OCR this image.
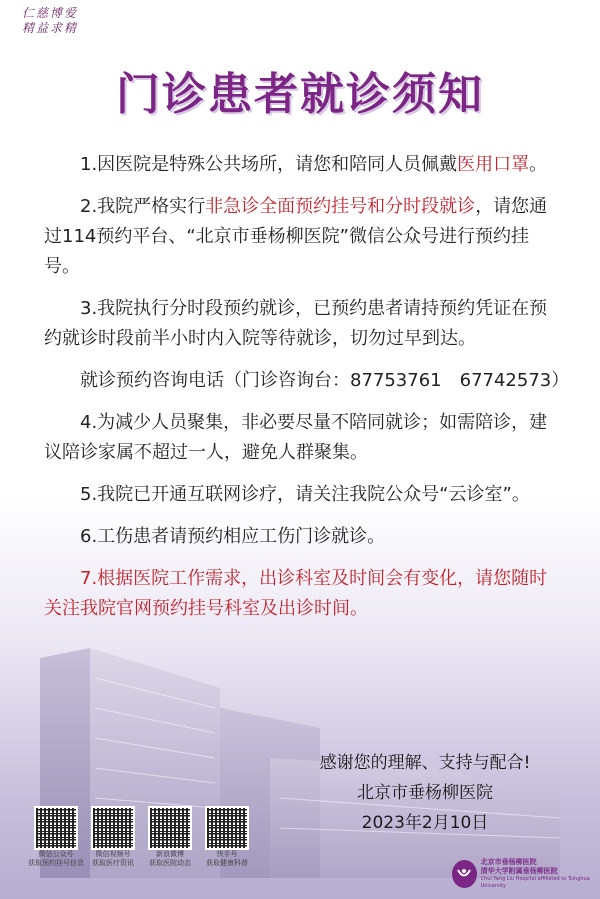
仁慈博爱
精益求精
门诊患者就诊须知

1.因医院是特殊公共场所，请您和陪同人员佩戴医用口罩。

2.我院严格实行非急诊全面预约挂号和分时段就诊，请您通过114预约平台、“北京市垂杨柳医院”微信公众号进行预约挂号。

3.我院执行分时段预约就诊，已预约患者请持预约凭证在预约就诊时段前半小时内入院等待就诊，切勿过早到达。

就诊预约咨询电话（门诊咨询台：87753761　67742573）

4.为减少人员聚集，非必要尽量不陪同就诊；如需陪诊，建议陪诊家属不超过一人，避免人群聚集。

5.我院已开通互联网诊疗，请关注我院公众号“云诊室”。

6.工伤患者请预约相应工伤门诊就诊。

7.根据医院工作需求，出诊科室及时间会有变化，请您随时关注我院官网预约挂号科室及出诊时间。

感谢您的理解、支持与配合!
北京市垂杨柳医院
2023年2月10日
微信公众号
获取预约挂号信息
微信视频号
获取医疗资讯
新浪微博
获取医院动态
快手号
获取健康科普	北京市垂杨柳医院
清华大学附属垂杨柳医院
Chui Yang Liu Hospital affiliated to Tsinghua University
